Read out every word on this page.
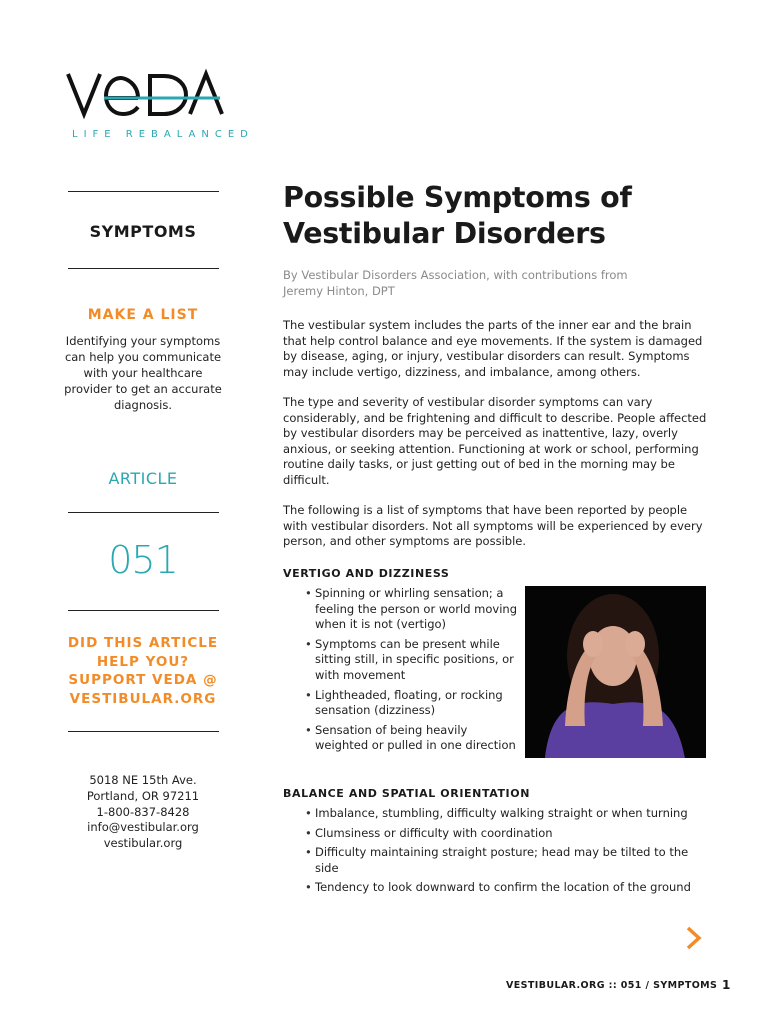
LIFE REBALANCED
SYMPTOMS
MAKE A LIST
Identifying your symptoms can help you communicate with your healthcare provider to get an accurate diagnosis.
ARTICLE
051
DID THIS ARTICLE
HELP YOU?
SUPPORT VEDA @
VESTIBULAR.ORG
5018 NE 15th Ave.
Portland, OR 97211
1-800-837-8428
info@vestibular.org
vestibular.org
Possible Symptoms of
Vestibular Disorders
By Vestibular Disorders Association, with contributions from
Jeremy Hinton, DPT

The vestibular system includes the parts of the inner ear and the brain that help control balance and eye movements. If the system is damaged by disease, aging, or injury, vestibular disorders can result. Symptoms may include vertigo, dizziness, and imbalance, among others.

The type and severity of vestibular disorder symptoms can vary considerably, and be frightening and difficult to describe. People affected by vestibular disorders may be perceived as inattentive, lazy, overly anxious, or seeking attention. Functioning at work or school, performing routine daily tasks, or just getting out of bed in the morning may be difficult.

The following is a list of symptoms that have been reported by people with vestibular disorders. Not all symptoms will be experienced by every person, and other symptoms are possible.

VERTIGO AND DIZZINESS
• Spinning or whirling sensation; a feeling the person or world moving when it is not (vertigo)
• Symptoms can be present while sitting still, in specific positions, or with movement
• Lightheaded, floating, or rocking sensation (dizziness)
• Sensation of being heavily weighted or pulled in one direction
BALANCE AND SPATIAL ORIENTATION
• Imbalance, stumbling, difficulty walking straight or when turning
• Clumsiness or difficulty with coordination
• Difficulty maintaining straight posture; head may be tilted to the side
• Tendency to look downward to confirm the location of the ground
VESTIBULAR.ORG :: 051 / SYMPTOMS 1
